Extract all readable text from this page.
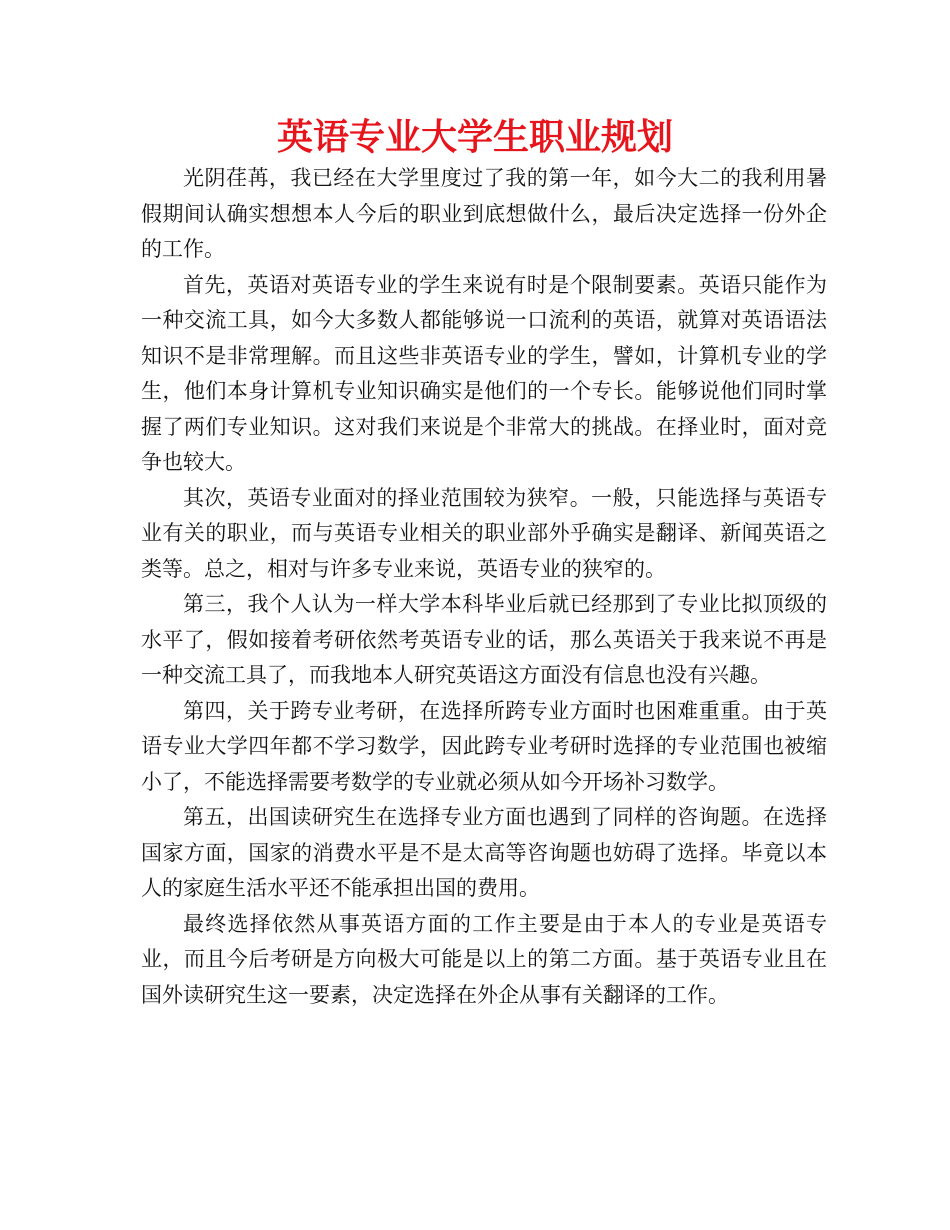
英语专业大学生职业规划

光阴荏苒，我已经在大学里度过了我的第一年，如今大二的我利用暑假期间认确实想想本人今后的职业到底想做什么，最后决定选择一份外企的工作。

首先，英语对英语专业的学生来说有时是个限制要素。英语只能作为一种交流工具，如今大多数人都能够说一口流利的英语，就算对英语语法知识不是非常理解。而且这些非英语专业的学生，譬如，计算机专业的学生，他们本身计算机专业知识确实是他们的一个专长。能够说他们同时掌握了两们专业知识。这对我们来说是个非常大的挑战。在择业时，面对竞争也较大。

其次，英语专业面对的择业范围较为狭窄。一般，只能选择与英语专业有关的职业，而与英语专业相关的职业部外乎确实是翻译、新闻英语之类等。总之，相对与许多专业来说，英语专业的狭窄的。

第三，我个人认为一样大学本科毕业后就已经那到了专业比拟顶级的水平了，假如接着考研依然考英语专业的话，那么英语关于我来说不再是一种交流工具了，而我地本人研究英语这方面没有信息也没有兴趣。

第四，关于跨专业考研，在选择所跨专业方面时也困难重重。由于英语专业大学四年都不学习数学，因此跨专业考研时选择的专业范围也被缩小了，不能选择需要考数学的专业就必须从如今开场补习数学。

第五，出国读研究生在选择专业方面也遇到了同样的咨询题。在选择国家方面，国家的消费水平是不是太高等咨询题也妨碍了选择。毕竟以本人的家庭生活水平还不能承担出国的费用。

最终选择依然从事英语方面的工作主要是由于本人的专业是英语专业，而且今后考研是方向极大可能是以上的第二方面。基于英语专业且在国外读研究生这一要素，决定选择在外企从事有关翻译的工作。
